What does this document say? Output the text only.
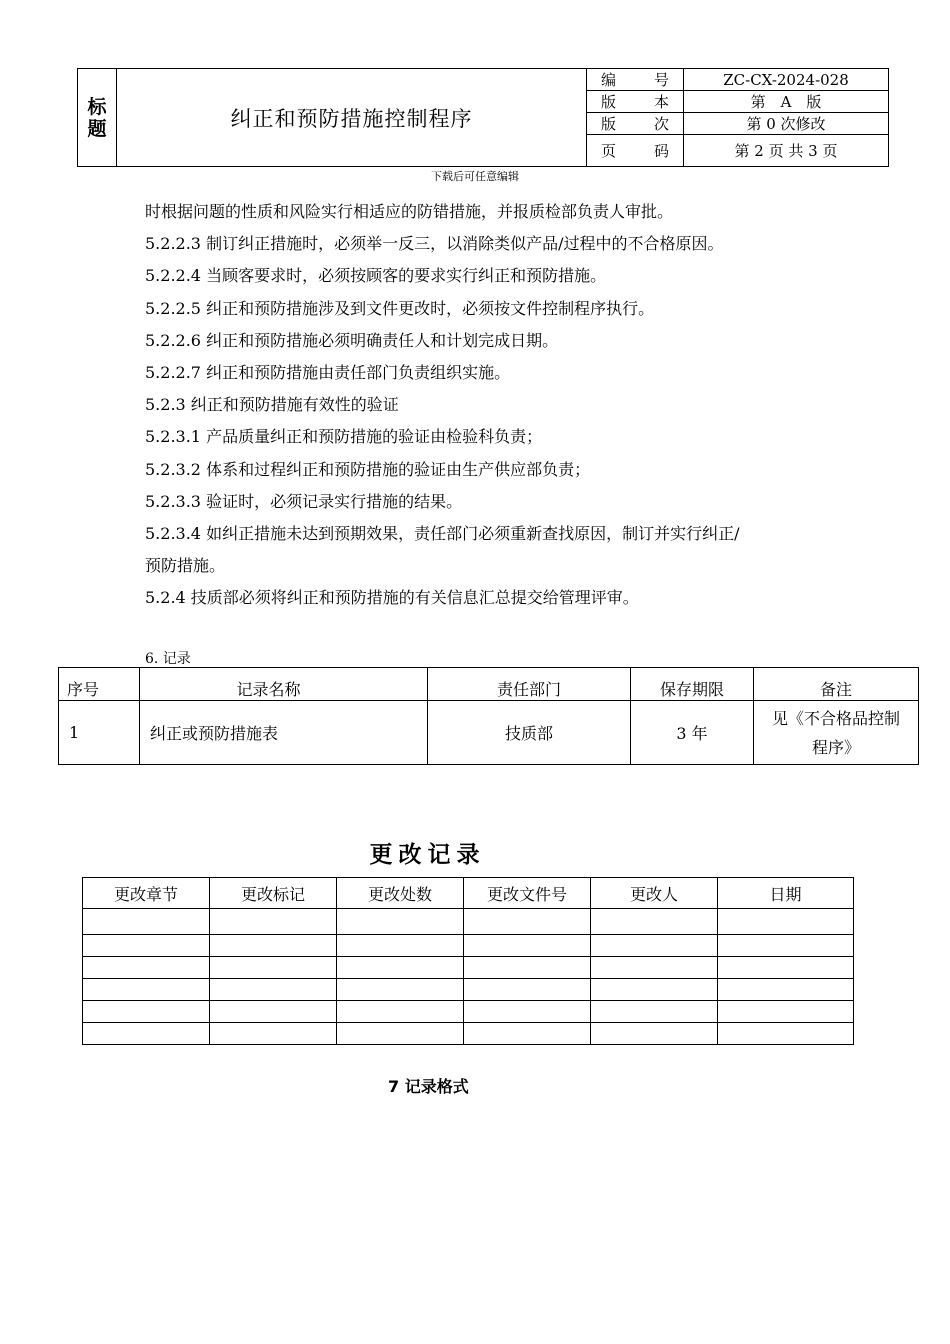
标
题	纠正和预防措施控制程序	编 号	ZC-CX-2024-028

		版 本	第　A　版

		版 次	第 0 次修改

		页 码	第 2 页 共 3 页
下载后可任意编辑

时根据问题的性质和风险实行相适应的防错措施，并报质检部负责人审批。

5.2.2.3 制订纠正措施时，必须举一反三，以消除类似产品/过程中的不合格原因。

5.2.2.4 当顾客要求时，必须按顾客的要求实行纠正和预防措施。

5.2.2.5 纠正和预防措施涉及到文件更改时，必须按文件控制程序执行。

5.2.2.6 纠正和预防措施必须明确责任人和计划完成日期。

5.2.2.7 纠正和预防措施由责任部门负责组织实施。

5.2.3 纠正和预防措施有效性的验证

5.2.3.1 产品质量纠正和预防措施的验证由检验科负责；

5.2.3.2 体系和过程纠正和预防措施的验证由生产供应部负责；

5.2.3.3 验证时，必须记录实行措施的结果。

5.2.3.4 如纠正措施未达到预期效果，责任部门必须重新查找原因，制订并实行纠正/

预防措施。

5.2.4 技质部必须将纠正和预防措施的有关信息汇总提交给管理评审。

6. 记录
序号	记录名称	责任部门	保存期限	备注
1	纠正或预防措施表	技质部	3 年	见《不合格品控制程序》
更改记录
更改章节	更改标记	更改处数	更改文件号	更改人	日期

7 记录格式
